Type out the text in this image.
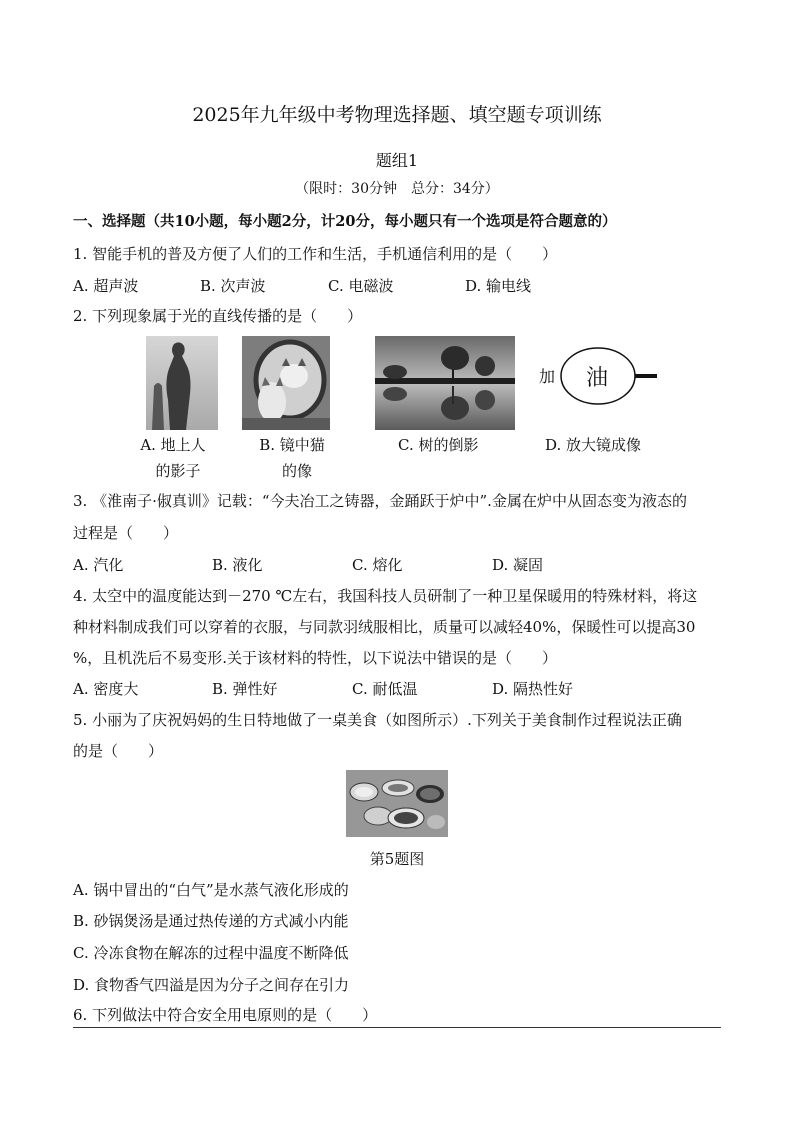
2025年九年级中考物理选择题、填空题专项训练
题组1
（限时：30分钟　总分：34分）
一、选择题（共10小题，每小题2分，计20分，每小题只有一个选项是符合题意的）
1. 智能手机的普及方便了人们的工作和生活，手机通信利用的是（　　）
A. 超声波	B. 次声波	C. 电磁波	D. 输电线
2. 下列现象属于光的直线传播的是（　　）
A. 地上人
的影子
B. 镜中猫
的像
C. 树的倒影
加 油
D. 放大镜成像
3. 《淮南子·俶真训》记载：“今夫冶工之铸器，金踊跃于炉中”.金属在炉中从固态变为液态的
过程是（　　）
A. 汽化	B. 液化	C. 熔化	D. 凝固
4. 太空中的温度能达到－270 ℃左右，我国科技人员研制了一种卫星保暖用的特殊材料，将这
种材料制成我们可以穿着的衣服，与同款羽绒服相比，质量可以减轻40%，保暖性可以提高30
%，且机洗后不易变形.关于该材料的特性，以下说法中错误的是（　　）
A. 密度大	B. 弹性好	C. 耐低温	D. 隔热性好
5. 小丽为了庆祝妈妈的生日特地做了一桌美食（如图所示）.下列关于美食制作过程说法正确
的是（　　）
第5题图
A. 锅中冒出的“白气”是水蒸气液化形成的
B. 砂锅煲汤是通过热传递的方式减小内能
C. 冷冻食物在解冻的过程中温度不断降低
D. 食物香气四溢是因为分子之间存在引力
6. 下列做法中符合安全用电原则的是（　　）
